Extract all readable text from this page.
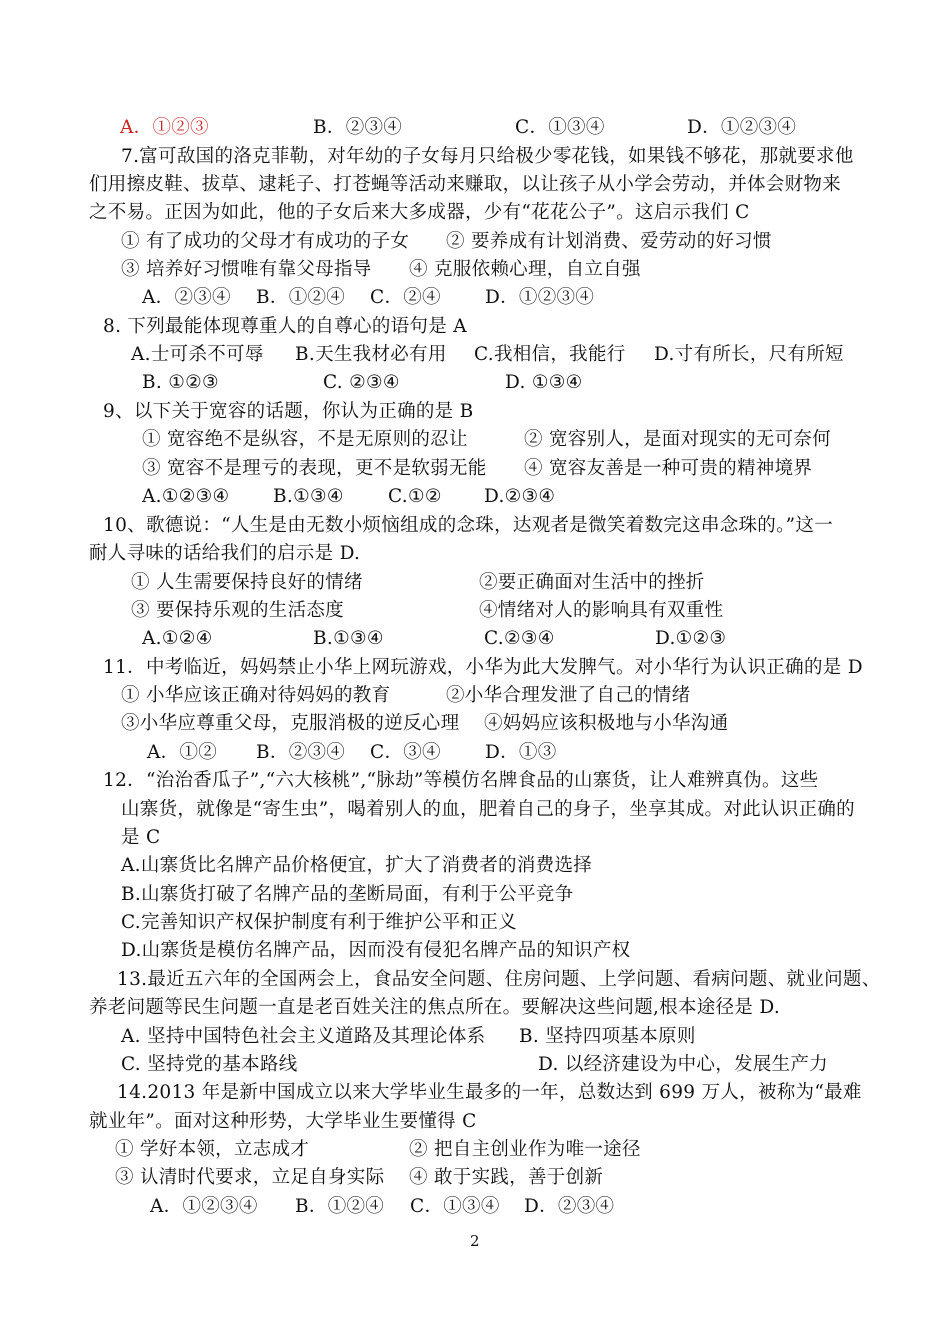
A．①②③	B．②③④	C．①③④	D．①②③④
7.富可敌国的洛克菲勒，对年幼的子女每月只给极少零花钱，如果钱不够花，那就要求他
们用擦皮鞋、拔草、逮耗子、打苍蝇等活动来赚取，以让孩子从小学会劳动，并体会财物来
之不易。正因为如此，他的子女后来大多成器，少有“花花公子”。这启示我们 C
① 有了成功的父母才有成功的子女 ② 要养成有计划消费、爱劳动的好习惯
③ 培养好习惯唯有靠父母指导 ④ 克服依赖心理，自立自强
A．②③④ B．①②④ C．②④ D．①②③④
8. 下列最能体现尊重人的自尊心的语句是 A
A.士可杀不可辱 B.天生我材必有用 C.我相信，我能行 D.寸有所长，尺有所短
B. ①②③	C. ②③④	D. ①③④
9、以下关于宽容的话题，你认为正确的是 B
① 宽容绝不是纵容，不是无原则的忍让	② 宽容别人，是面对现实的无可奈何
③ 宽容不是理亏的表现，更不是软弱无能 ④ 宽容友善是一种可贵的精神境界
A.①②③④ B.①③④ C.①② D.②③④
10、歌德说：“人生是由无数小烦恼组成的念珠，达观者是微笑着数完这串念珠的。”这一
耐人寻味的话给我们的启示是 D.
① 人生需要保持良好的情绪	②要正确面对生活中的挫折
③ 要保持乐观的生活态度	④情绪对人的影响具有双重性
A.①②④	B.①③④	C.②③④	D.①②③
11．中考临近，妈妈禁止小华上网玩游戏，小华为此大发脾气。对小华行为认识正确的是 D
① 小华应该正确对待妈妈的教育	②小华合理发泄了自己的情绪
③小华应尊重父母，克服消极的逆反心理 ④妈妈应该积极地与小华沟通
A．①② B．②③④ C．③④ D．①③
12．“治治香瓜子”,“六大核桃”,“脉劫”等模仿名牌食品的山寨货，让人难辨真伪。这些
山寨货，就像是“寄生虫”，喝着别人的血，肥着自己的身子，坐享其成。对此认识正确的
是 C
A.山寨货比名牌产品价格便宜，扩大了消费者的消费选择
B.山寨货打破了名牌产品的垄断局面，有利于公平竞争
C.完善知识产权保护制度有利于维护公平和正义
D.山寨货是模仿名牌产品，因而没有侵犯名牌产品的知识产权
13.最近五六年的全国两会上，食品安全问题、住房问题、上学问题、看病问题、就业问题、
养老问题等民生问题一直是老百姓关注的焦点所在。要解决这些问题,根本途径是 D.
A. 坚持中国特色社会主义道路及其理论体系 B. 坚持四项基本原则
C. 坚持党的基本路线	D. 以经济建设为中心，发展生产力
14.2013 年是新中国成立以来大学毕业生最多的一年，总数达到 699 万人，被称为“最难
就业年”。面对这种形势，大学毕业生要懂得 C
① 学好本领，立志成才	② 把自主创业作为唯一途径
③ 认清时代要求，立足自身实际 ④ 敢于实践，善于创新
A．①②③④ B．①②④ C．①③④ D．②③④
2
